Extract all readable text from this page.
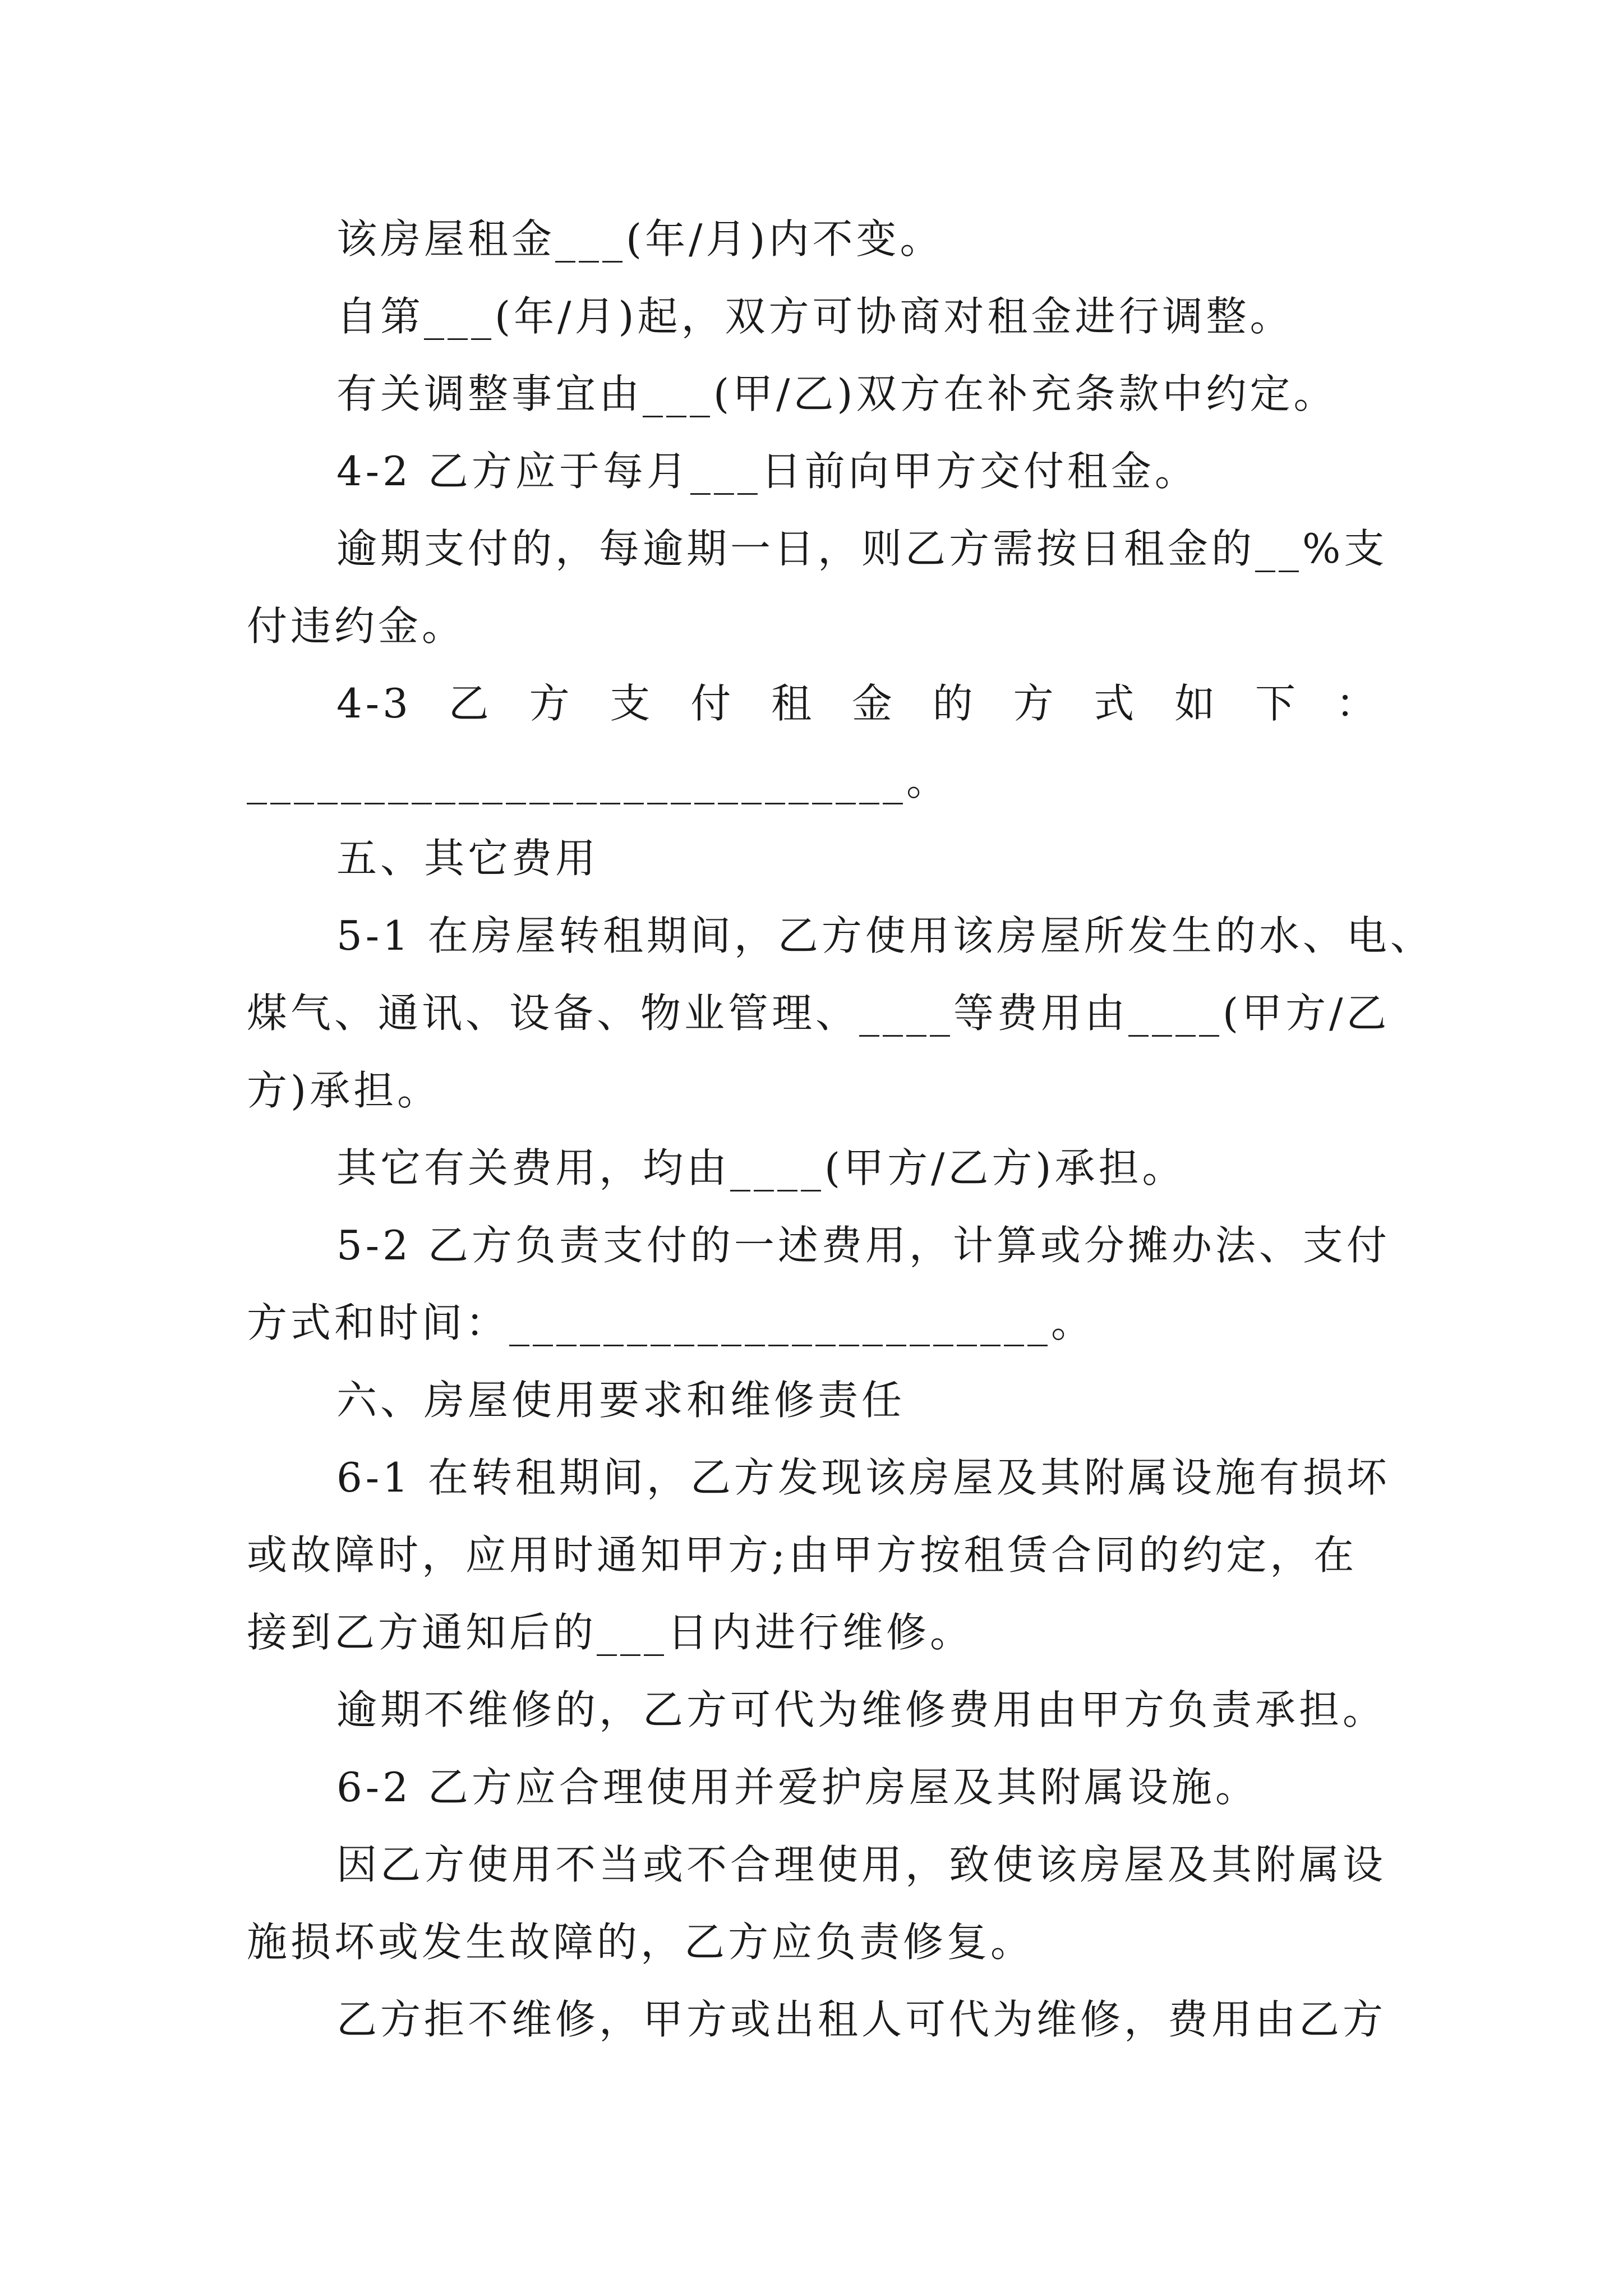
该房屋租金___(年/月)内不变。
自第___(年/月)起，双方可协商对租金进行调整。
有关调整事宜由___(甲/乙)双方在补充条款中约定。
4-2 乙方应于每月___日前向甲方交付租金。
逾期支付的，每逾期一日，则乙方需按日租金的__%支
付违约金。
4-3 乙 方 支 付 租 金 的 方 式 如 下 ：
____________________________。
五、其它费用
5-1 在房屋转租期间，乙方使用该房屋所发生的水、电、
煤气、通讯、设备、物业管理、____等费用由____(甲方/乙
方)承担。
其它有关费用，均由____(甲方/乙方)承担。
5-2 乙方负责支付的一述费用，计算或分摊办法、支付
方式和时间：_______________________。
六、房屋使用要求和维修责任
6-1 在转租期间，乙方发现该房屋及其附属设施有损坏
或故障时，应用时通知甲方;由甲方按租赁合同的约定，在
接到乙方通知后的___日内进行维修。
逾期不维修的，乙方可代为维修费用由甲方负责承担。
6-2 乙方应合理使用并爱护房屋及其附属设施。
因乙方使用不当或不合理使用，致使该房屋及其附属设
施损坏或发生故障的，乙方应负责修复。
乙方拒不维修，甲方或出租人可代为维修，费用由乙方
